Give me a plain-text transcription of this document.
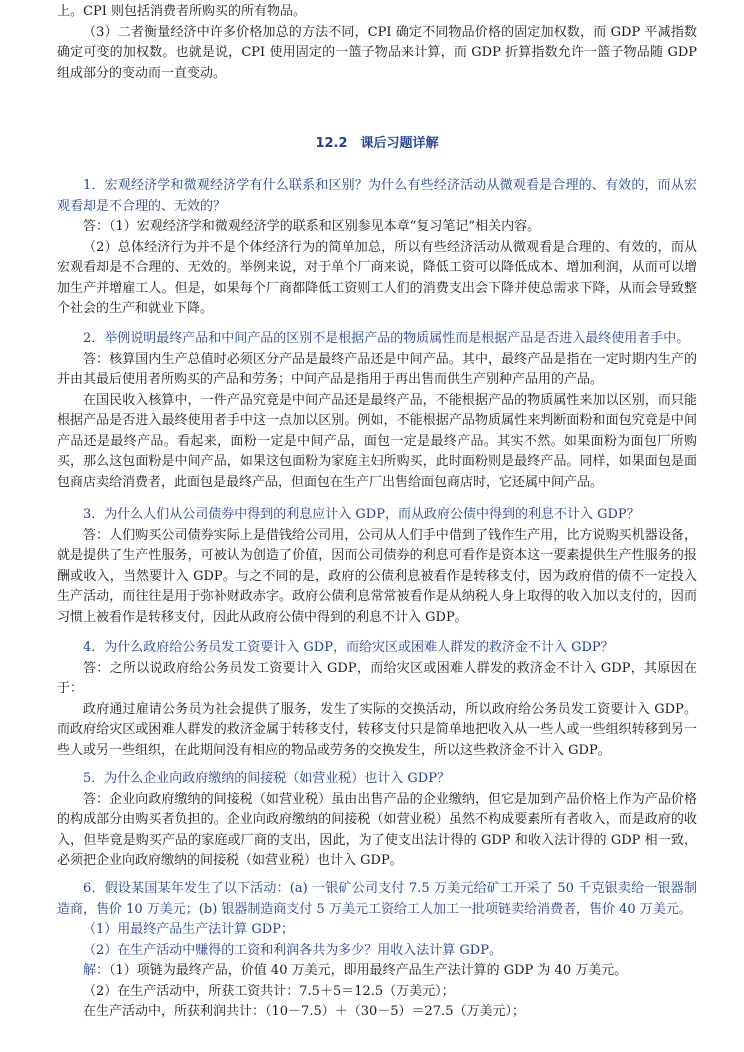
上。CPI 则包括消费者所购买的所有物品。

（3）二者衡量经济中许多价格加总的方法不同，CPI 确定不同物品价格的固定加权数，而 GDP 平减指数确定可变的加权数。也就是说，CPI 使用固定的一篮子物品来计算，而 GDP 折算指数允许一篮子物品随 GDP 组成部分的变动而一直变动。

12.2　课后习题详解

1．宏观经济学和微观经济学有什么联系和区别？为什么有些经济活动从微观看是合理的、有效的，而从宏观看却是不合理的、无效的？

答：（1）宏观经济学和微观经济学的联系和区别参见本章“复习笔记”相关内容。

（2）总体经济行为并不是个体经济行为的简单加总，所以有些经济活动从微观看是合理的、有效的，而从宏观看却是不合理的、无效的。举例来说，对于单个厂商来说，降低工资可以降低成本、增加利润，从而可以增加生产并增雇工人。但是，如果每个厂商都降低工资则工人们的消费支出会下降并使总需求下降，从而会导致整个社会的生产和就业下降。

2．举例说明最终产品和中间产品的区别不是根据产品的物质属性而是根据产品是否进入最终使用者手中。

答：核算国内生产总值时必须区分产品是最终产品还是中间产品。其中，最终产品是指在一定时期内生产的并由其最后使用者所购买的产品和劳务；中间产品是指用于再出售而供生产别种产品用的产品。

在国民收入核算中，一件产品究竟是中间产品还是最终产品，不能根据产品的物质属性来加以区别，而只能根据产品是否进入最终使用者手中这一点加以区别。例如，不能根据产品物质属性来判断面粉和面包究竟是中间产品还是最终产品。看起来，面粉一定是中间产品，面包一定是最终产品。其实不然。如果面粉为面包厂所购买，那么这包面粉是中间产品，如果这包面粉为家庭主妇所购买，此时面粉则是最终产品。同样，如果面包是面包商店卖给消费者，此面包是最终产品，但面包在生产厂出售给面包商店时，它还属中间产品。

3．为什么人们从公司债券中得到的利息应计入 GDP，而从政府公债中得到的利息不计入 GDP？

答：人们购买公司债券实际上是借钱给公司用，公司从人们手中借到了钱作生产用，比方说购买机器设备，就是提供了生产性服务，可被认为创造了价值，因而公司债券的利息可看作是资本这一要素提供生产性服务的报酬或收入，当然要计入 GDP。与之不同的是，政府的公债利息被看作是转移支付，因为政府借的债不一定投入生产活动，而往往是用于弥补财政赤字。政府公债利息常常被看作是从纳税人身上取得的收入加以支付的，因而习惯上被看作是转移支付，因此从政府公债中得到的利息不计入 GDP。

4．为什么政府给公务员发工资要计入 GDP，而给灾区或困难人群发的救济金不计入 GDP？

答：之所以说政府给公务员发工资要计入 GDP，而给灾区或困难人群发的救济金不计入 GDP，其原因在于：

政府通过雇请公务员为社会提供了服务，发生了实际的交换活动，所以政府给公务员发工资要计入 GDP。而政府给灾区或困难人群发的救济金属于转移支付，转移支付只是简单地把收入从一些人或一些组织转移到另一些人或另一些组织，在此期间没有相应的物品或劳务的交换发生，所以这些救济金不计入 GDP。

5．为什么企业向政府缴纳的间接税（如营业税）也计入 GDP？

答：企业向政府缴纳的间接税（如营业税）虽由出售产品的企业缴纳，但它是加到产品价格上作为产品价格的构成部分由购买者负担的。企业向政府缴纳的间接税（如营业税）虽然不构成要素所有者收入，而是政府的收入，但毕竟是购买产品的家庭或厂商的支出，因此，为了使支出法计得的 GDP 和收入法计得的 GDP 相一致，必须把企业向政府缴纳的间接税（如营业税）也计入 GDP。

6．假设某国某年发生了以下活动：(a) 一银矿公司支付 7.5 万美元给矿工开采了 50 千克银卖给一银器制造商，售价 10 万美元；(b) 银器制造商支付 5 万美元工资给工人加工一批项链卖给消费者，售价 40 万美元。

（1）用最终产品生产法计算 GDP；

（2）在生产活动中赚得的工资和利润各共为多少？用收入法计算 GDP。

解：（1）项链为最终产品，价值 40 万美元，即用最终产品生产法计算的 GDP 为 40 万美元。

（2）在生产活动中，所获工资共计：7.5＋5＝12.5（万美元）；

在生产活动中，所获利润共计：（10－7.5）＋（30－5）＝27.5（万美元）；
